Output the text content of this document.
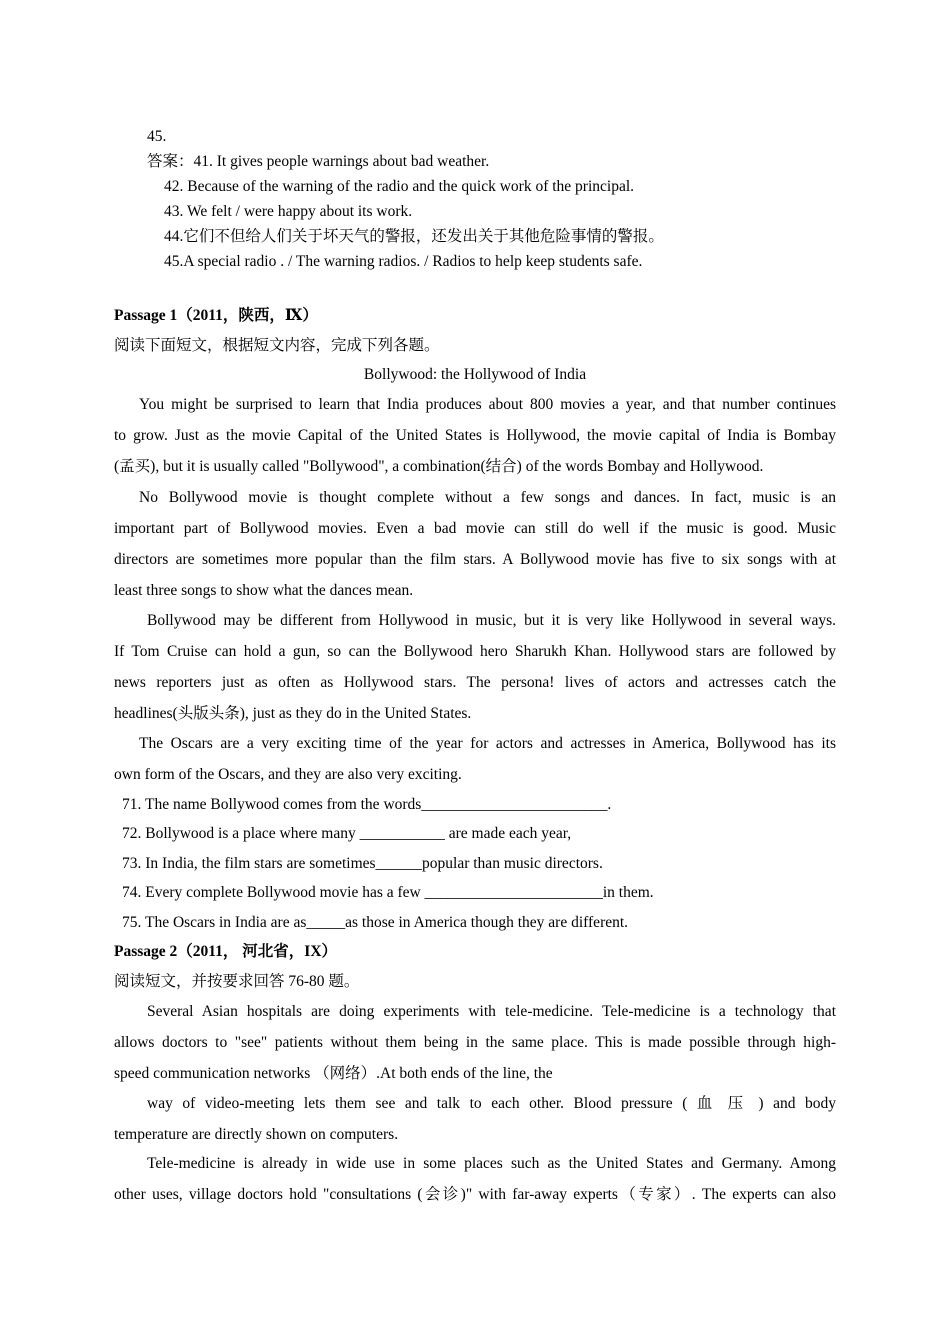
45.
答案：41. It gives people warnings about bad weather.
42. Because of the warning of the radio and the quick work of the principal.
43. We felt / were happy about its work.
44.它们不但给人们关于坏天气的警报，还发出关于其他危险事情的警报。
45.A special radio . / The warning radios. / Radios to help keep students safe.
Passage 1（2011，陕西，Ⅸ）
阅读下面短文，根据短文内容，完成下列各题。
Bollywood: the Hollywood of India
You might be surprised to learn that India produces about 800 movies a year, and that number continues
to grow. Just as the movie Capital of the United States is Hollywood, the movie capital of India is Bombay
(孟买), but it is usually called "Bollywood", a combination(结合) of the words Bombay and Hollywood.
No Bollywood movie is thought complete without a few songs and dances. In fact, music is an
important part of Bollywood movies. Even a bad movie can still do well if the music is good. Music
directors are sometimes more popular than the film stars. A Bollywood movie has five to six songs with at
least three songs to show what the dances mean.
Bollywood may be different from Hollywood in music, but it is very like Hollywood in several ways.
If Tom Cruise can hold a gun, so can the Bollywood hero Sharukh Khan. Hollywood stars are followed by
news reporters just as often as Hollywood stars. The persona! lives of actors and actresses catch the
headlines(头版头条), just as they do in the United States.
The Oscars are a very exciting time of the year for actors and actresses in America, Bollywood has its
own form of the Oscars, and they are also very exciting.
71. The name Bollywood comes from the words________________________.
72. Bollywood is a place where many ___________ are made each year,
73. In India, the film stars are sometimes______popular than music directors.
74. Every complete Bollywood movie has a few _______________________in them.
75. The Oscars in India are as_____as those in America though they are different.
Passage 2（2011， 河北省，IX）
阅读短文，并按要求回答 76-80 题。
Several Asian hospitals are doing experiments with tele-medicine. Tele-medicine is a technology that
allows doctors to "see" patients without them being in the same place. This is made possible through high-
speed communication networks （网络）.At both ends of the line, the
way of video-meeting lets them see and talk to each other. Blood pressure ( 血 压 ) and body
temperature are directly shown on computers.
Tele-medicine is already in wide use in some places such as the United States and Germany. Among
other uses, village doctors hold "consultations (会诊)" with far-away experts（专家）. The experts can also
